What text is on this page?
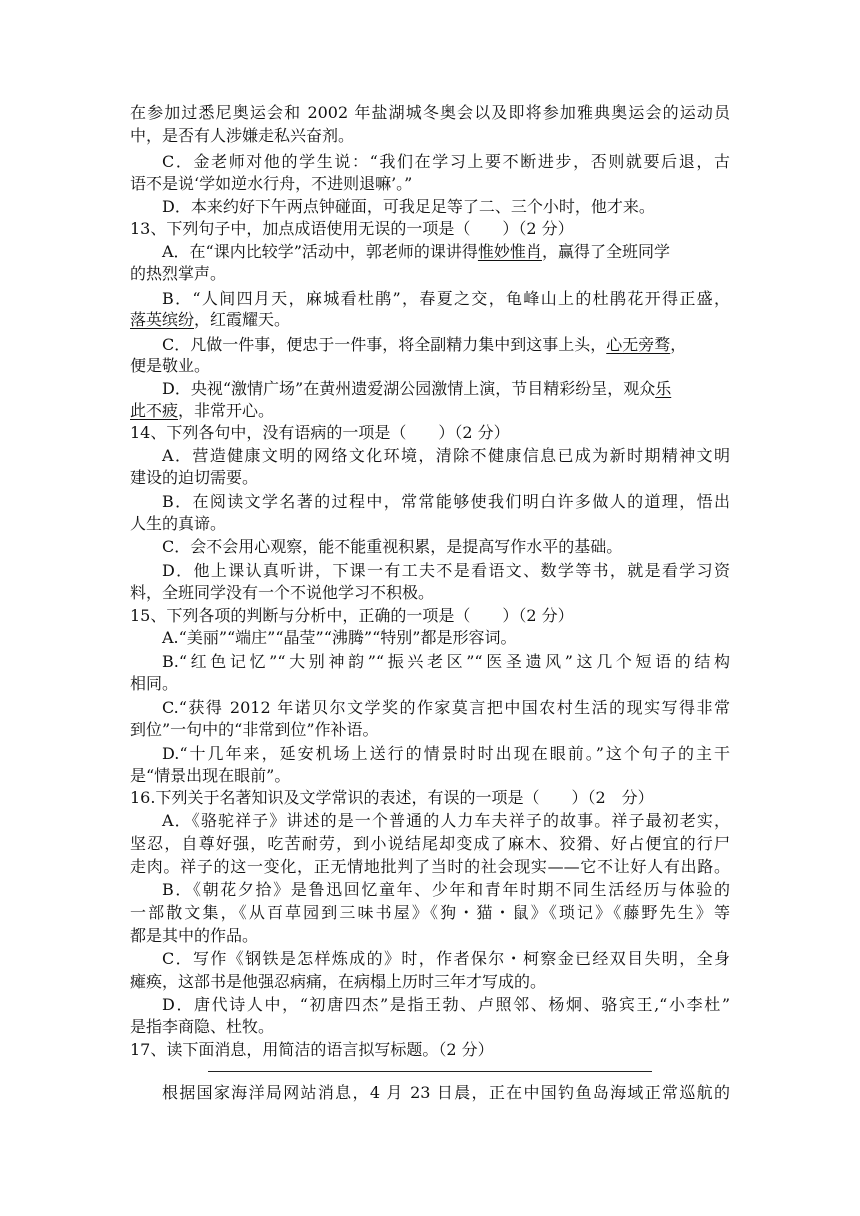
在参加过悉尼奥运会和 2002 年盐湖城冬奥会以及即将参加雅典奥运会的运动员
中，是否有人涉嫌走私兴奋剂。
C．金老师对他的学生说：“我们在学习上要不断进步，否则就要后退，古
语不是说‘学如逆水行舟，不进则退嘛’。”
D．本来约好下午两点钟碰面，可我足足等了二、三个小时，他才来。
13、下列句子中，加点成语使用无误的一项是（　　）（2 分）
A．在“课内比较学”活动中，郭老师的课讲得惟妙惟肖，赢得了全班同学
的热烈掌声。
B．“人间四月天，麻城看杜鹃”，春夏之交，龟峰山上的杜鹃花开得正盛，
落英缤纷，红霞耀天。
C．凡做一件事，便忠于一件事，将全副精力集中到这事上头，心无旁骛，
便是敬业。
D．央视“激情广场”在黄州遗爱湖公园激情上演，节目精彩纷呈，观众乐
此不疲，非常开心。
14、下列各句中，没有语病的一项是（　　）（2 分）
A．营造健康文明的网络文化环境，清除不健康信息已成为新时期精神文明
建设的迫切需要。
B．在阅读文学名著的过程中，常常能够使我们明白许多做人的道理，悟出
人生的真谛。
C．会不会用心观察，能不能重视积累，是提高写作水平的基础。
D．他上课认真听讲，下课一有工夫不是看语文、数学等书，就是看学习资
料，全班同学没有一个不说他学习不积极。
15、下列各项的判断与分析中，正确的一项是（　　）（2 分）
A.“美丽”“端庄”“晶莹”“沸腾”“特别”都是形容词。
B.“红色记忆”“大别神韵”“振兴老区”“医圣遗风”这几个短语的结构
相同。
C.“获得 2012 年诺贝尔文学奖的作家莫言把中国农村生活的现实写得非常
到位”一句中的“非常到位”作补语。
D.“十几年来，延安机场上送行的情景时时出现在眼前。”这个句子的主干
是“情景出现在眼前”。
16.下列关于名著知识及文学常识的表述，有误的一项是（　　）（2　分）
A．《骆驼祥子》讲述的是一个普通的人力车夫祥子的故事。祥子最初老实，
坚忍，自尊好强，吃苦耐劳，到小说结尾却变成了麻木、狡猾、好占便宜的行尸
走肉。祥子的这一变化，正无情地批判了当时的社会现实——它不让好人有出路。
B．《朝花夕拾》是鲁迅回忆童年、少年和青年时期不同生活经历与体验的
一部散文集，《从百草园到三味书屋》《狗・猫・鼠》《琐记》《藤野先生》等
都是其中的作品。
C．写作《钢铁是怎样炼成的》时，作者保尔・柯察金已经双目失明，全身
瘫痪，这部书是他强忍病痛，在病榻上历时三年才写成的。
D．唐代诗人中，“初唐四杰”是指王勃、卢照邻、杨炯、骆宾王,“小李杜”
是指李商隐、杜牧。
17、读下面消息，用简洁的语言拟写标题。（2 分）
根据国家海洋局网站消息，4 月 23 日晨，正在中国钓鱼岛海域正常巡航的
